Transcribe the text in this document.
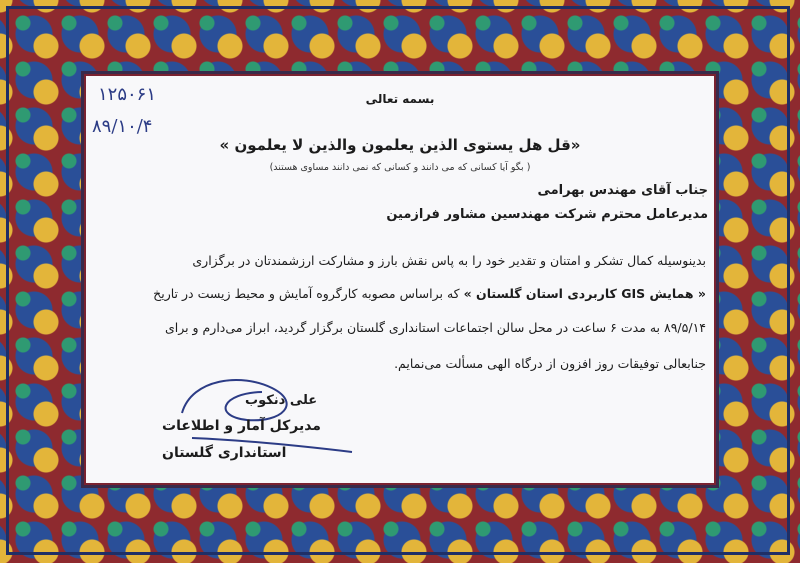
۱۲۵۰۶۱
۸۹/۱۰/۴
بسمه تعالی
«قل هل یستوی الذین یعلمون والذین لا یعلمون »
( بگو آیا کسانی که می دانند و کسانی که نمی دانند مساوی هستند)
جناب آقای مهندس بهرامی
مدیرعامل محترم شرکت مهندسین مشاور فرازمین
بدینوسیله کمال تشکر و امتنان و تقدیر خود را به پاس نقش بارز و مشارکت ارزشمندتان در برگزاری
« همایش GIS کاربردی استان گلستان » که براساس مصوبه کارگروه آمایش و محیط زیست در تاریخ
۸۹/۵/۱۴ به مدت ۶ ساعت در محل سالن اجتماعات استانداری گلستان برگزار گردید، ابراز می‌دارم و برای
جنابعالی توفیقات روز افزون از درگاه الهی مسألت می‌نمایم.
علی دنکوب
مدیرکل آمار و اطلاعات
استانداری گلستان
